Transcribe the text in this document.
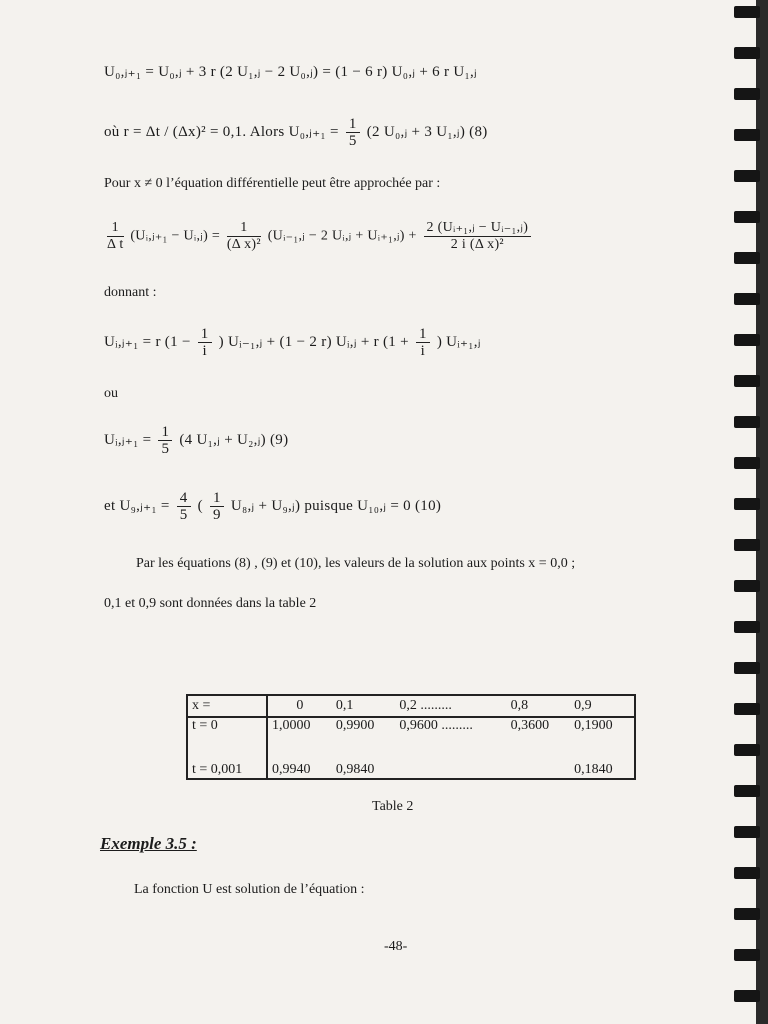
U₀,ⱼ₊₁ = U₀,ⱼ + 3 r (2 U₁,ⱼ − 2 U₀,ⱼ) = (1 − 6 r) U₀,ⱼ + 6 r U₁,ⱼ
où r = Δt / (Δx)² = 0,1. Alors U₀,ⱼ₊₁ = $\frac{1}{5} (2$ U₀,ⱼ + 3 U₁,ⱼ) (8)
Pour x ≠ 0 l’équation différentielle peut être approchée par :
$\frac{1}{\text{Δ t}}$ (Uᵢ,ⱼ₊₁ − Uᵢ,ⱼ) = $\frac{1}{\text{(Δ x)²}}$ (Uᵢ₋₁,ⱼ − 2 Uᵢ,ⱼ + Uᵢ₊₁,ⱼ) + $\frac{\text{2 (Uᵢ₊₁,ⱼ − Uᵢ₋₁,ⱼ)}}{\text{2 i (Δ x)²}}$
donnant :
Uᵢ,ⱼ₊₁ = r ($1 - \frac{1}{i}$ ) Uᵢ₋₁,ⱼ + (1 − 2 r) Uᵢ,ⱼ + r ($1 + \frac{1}{i}$ ) Uᵢ₊₁,ⱼ
ou
Uᵢ,ⱼ₊₁ = $\frac{1}{5} (4$ U₁,ⱼ + U₂,ⱼ) (9)
et U₉,ⱼ₊₁ = $\frac{4}{5}$ ( $\frac{1}{9}$ U₈,ⱼ + U₉,ⱼ) puisque U₁₀,ⱼ = 0 (10)
Par les équations (8) , (9) et (10), les valeurs de la solution aux points x = 0,0 ;
0,1 et 0,9 sont données dans la table 2
x =	0	0,1	0,2 .........	0,8	0,9
t = 0	1,0000	0,9900	0,9600 .........	0,3600	0,1900
t = 0,001	0,9940	0,9840			0,1840
Table 2
Exemple 3.5 :
La fonction U est solution de l’équation :
-48-
